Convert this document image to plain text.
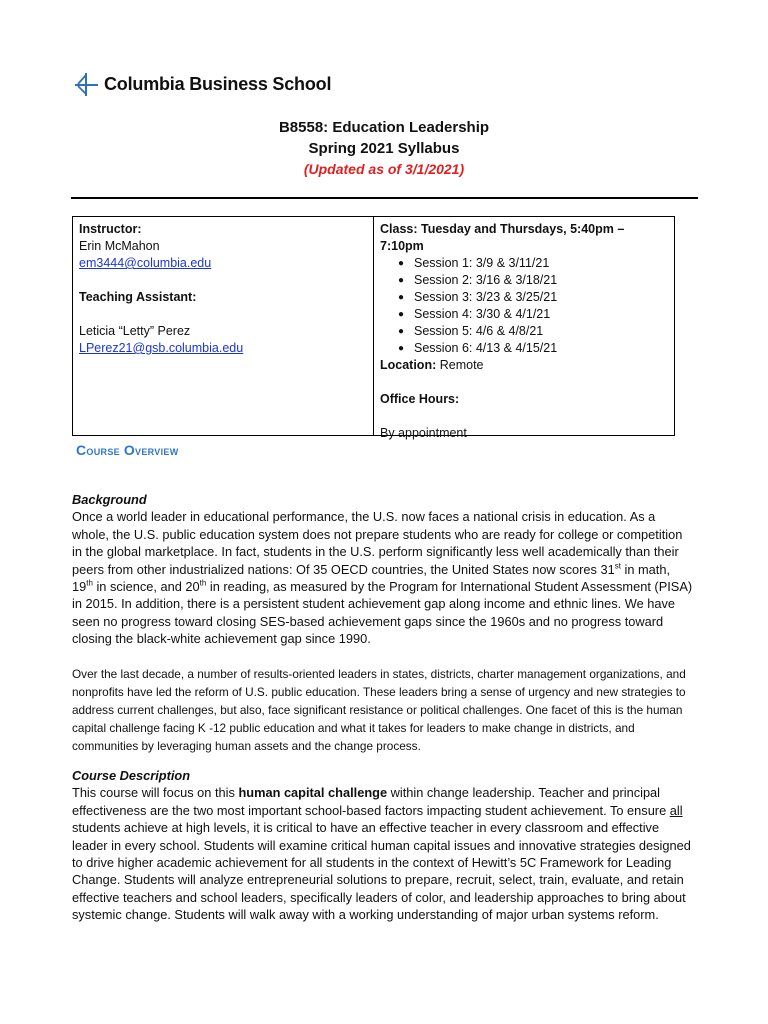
Columbia Business School
B8558: Education Leadership
Spring 2021 Syllabus
(Updated as of 3/1/2021)
Instructor:
Erin McMahon
em3444@columbia.edu
Teaching Assistant:
Leticia “Letty” Perez
LPerez21@gsb.columbia.edu
Class: Tuesday and Thursdays, 5:40pm – 7:10pm
● Session 1: 3/9 & 3/11/21
● Session 2: 3/16 & 3/18/21
● Session 3: 3/23 & 3/25/21
● Session 4: 3/30 & 4/1/21
● Session 5: 4/6 & 4/8/21
● Session 6: 4/13 & 4/15/21
Location: Remote
Office Hours:
By appointment
Course Overview
Background
Once a world leader in educational performance, the U.S. now faces a national crisis in education. As a whole, the U.S. public education system does not prepare students who are ready for college or competition in the global marketplace. In fact, students in the U.S. perform significantly less well academically than their peers from other industrialized nations: Of 35 OECD countries, the United States now scores 31st in math, 19th in science, and 20th in reading, as measured by the Program for International Student Assessment (PISA) in 2015. In addition, there is a persistent student achievement gap along income and ethnic lines. We have seen no progress toward closing SES-based achievement gaps since the 1960s and no progress toward closing the black-white achievement gap since 1990.
Over the last decade, a number of results-oriented leaders in states, districts, charter management organizations, and nonprofits have led the reform of U.S. public education. These leaders bring a sense of urgency and new strategies to address current challenges, but also, face significant resistance or political challenges. One facet of this is the human capital challenge facing K -12 public education and what it takes for leaders to make change in districts, and communities by leveraging human assets and the change process.
Course Description
This course will focus on this human capital challenge within change leadership. Teacher and principal effectiveness are the two most important school-based factors impacting student achievement. To ensure all students achieve at high levels, it is critical to have an effective teacher in every classroom and effective leader in every school. Students will examine critical human capital issues and innovative strategies designed to drive higher academic achievement for all students in the context of Hewitt’s 5C Framework for Leading Change. Students will analyze entrepreneurial solutions to prepare, recruit, select, train, evaluate, and retain effective teachers and school leaders, specifically leaders of color, and leadership approaches to bring about systemic change. Students will walk away with a working understanding of major urban systems reform.
